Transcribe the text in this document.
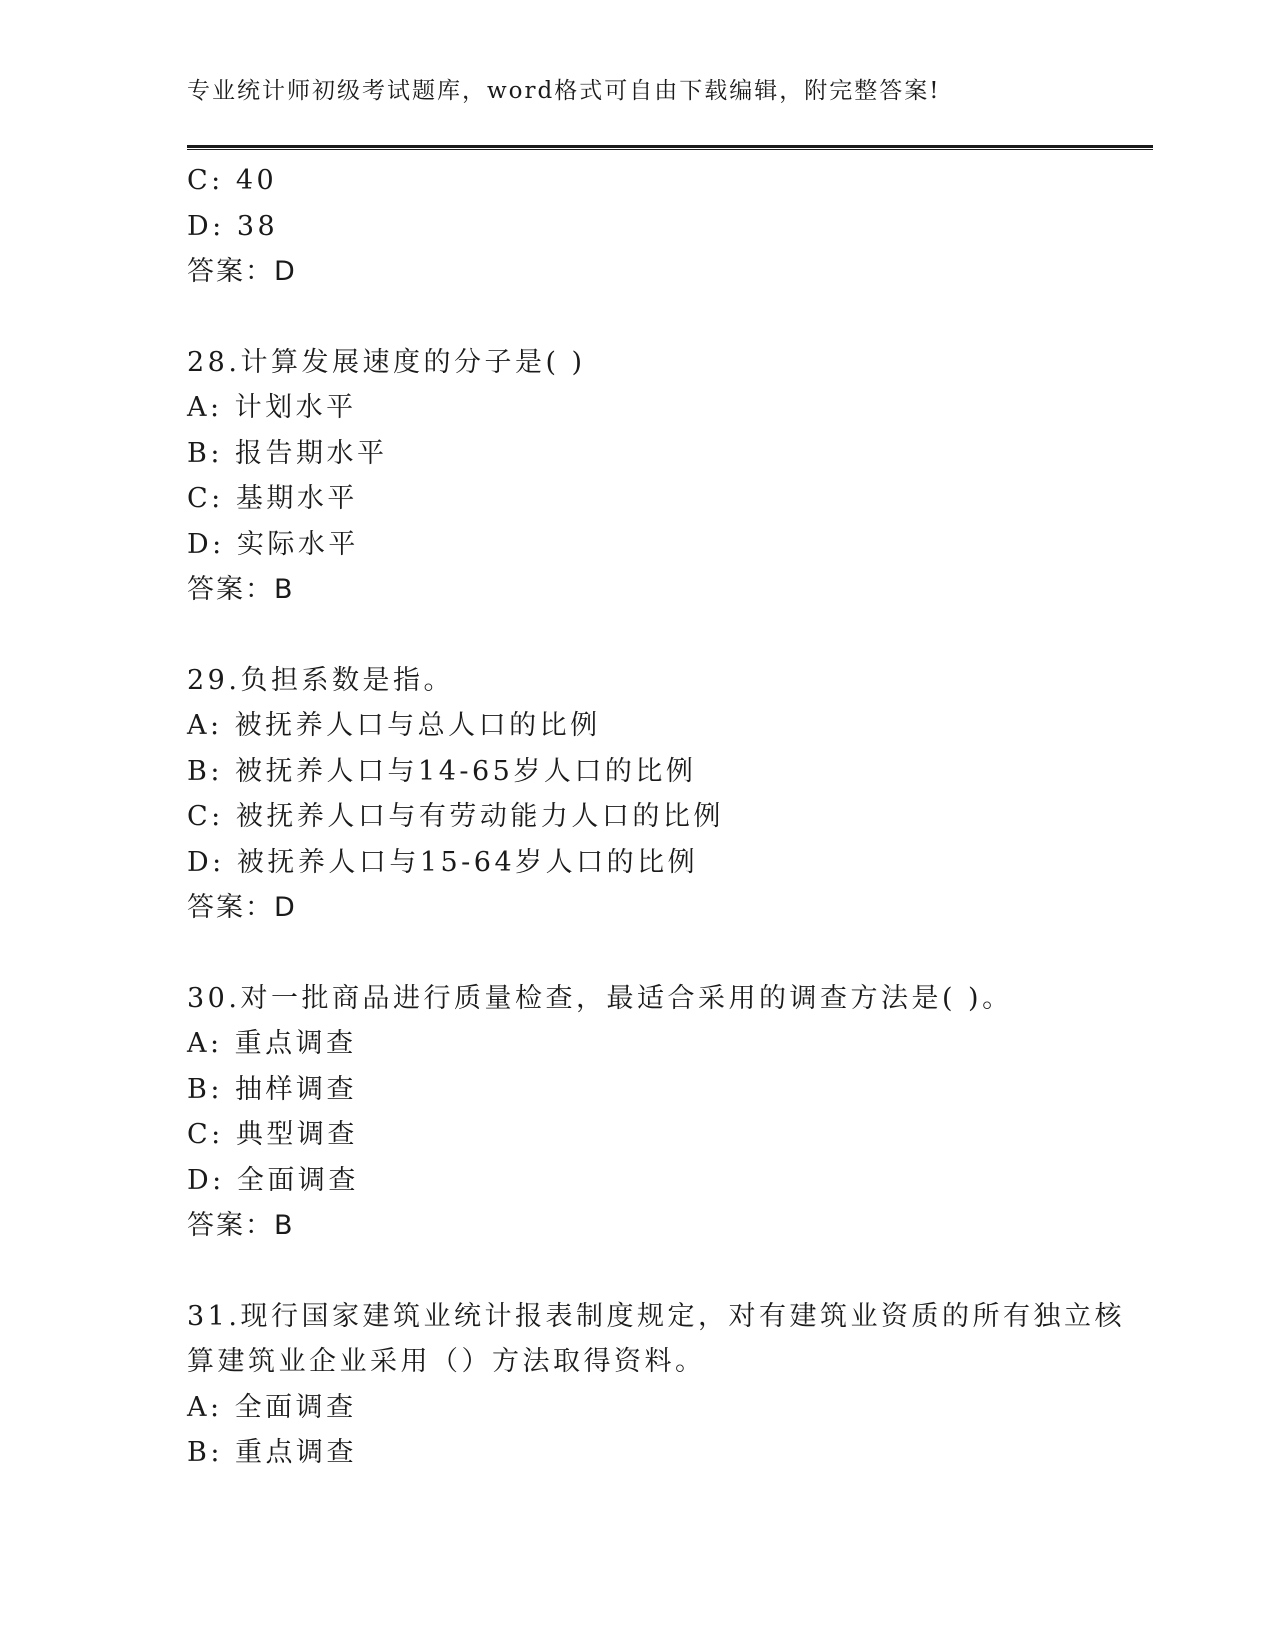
专业统计师初级考试题库，word格式可自由下载编辑，附完整答案!
C: 40
D: 38
答案：D
28.计算发展速度的分子是( )
A: 计划水平
B: 报告期水平
C: 基期水平
D: 实际水平
答案：B
29.负担系数是指。
A: 被抚养人口与总人口的比例
B: 被抚养人口与14-65岁人口的比例
C: 被抚养人口与有劳动能力人口的比例
D: 被抚养人口与15-64岁人口的比例
答案：D
30.对一批商品进行质量检查，最适合采用的调查方法是( )。
A: 重点调查
B: 抽样调查
C: 典型调查
D: 全面调查
答案：B
31.现行国家建筑业统计报表制度规定，对有建筑业资质的所有独立核
算建筑业企业采用（）方法取得资料。
A: 全面调查
B: 重点调查
